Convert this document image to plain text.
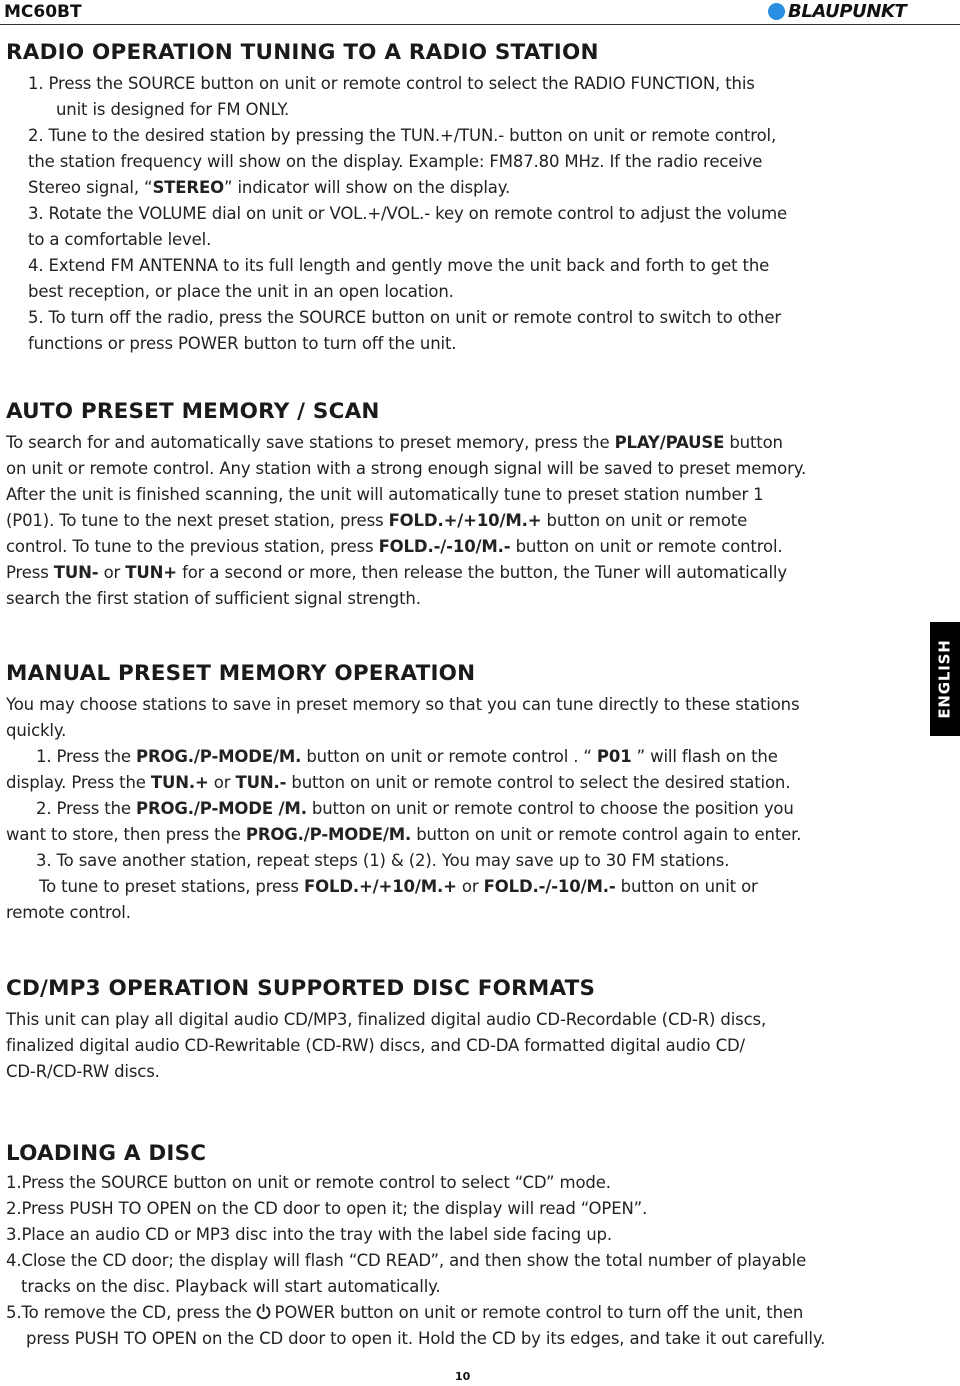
MC60BT	BLAUPUNKT
RADIO OPERATION TUNING TO A RADIO STATION
1. Press the SOURCE button on unit or remote control to select the RADIO FUNCTION, this
unit is designed for FM ONLY.
2. Tune to the desired station by pressing the TUN.+/TUN.- button on unit or remote control,
the station frequency will show on the display. Example: FM87.80 MHz. If the radio receive
Stereo signal, “STEREO” indicator will show on the display.
3. Rotate the VOLUME dial on unit or VOL.+/VOL.- key on remote control to adjust the volume
to a comfortable level.
4. Extend FM ANTENNA to its full length and gently move the unit back and forth to get the
best reception, or place the unit in an open location.
5. To turn off the radio, press the SOURCE button on unit or remote control to switch to other
functions or press POWER button to turn off the unit.
AUTO PRESET MEMORY / SCAN
To search for and automatically save stations to preset memory, press the PLAY/PAUSE button
on unit or remote control. Any station with a strong enough signal will be saved to preset memory.
After the unit is finished scanning, the unit will automatically tune to preset station number 1
(P01). To tune to the next preset station, press FOLD.+/+10/M.+ button on unit or remote
control. To tune to the previous station, press FOLD.-/-10/M.- button on unit or remote control.
Press TUN- or TUN+ for a second or more, then release the button, the Tuner will automatically
search the first station of sufficient signal strength.
MANUAL PRESET MEMORY OPERATION
You may choose stations to save in preset memory so that you can tune directly to these stations
quickly.
1. Press the PROG./P-MODE/M. button on unit or remote control . “ P01 ” will flash on the
display. Press the TUN.+ or TUN.- button on unit or remote control to select the desired station.
2. Press the PROG./P-MODE /M. button on unit or remote control to choose the position you
want to store, then press the PROG./P-MODE/M. button on unit or remote control again to enter.
3. To save another station, repeat steps (1) & (2). You may save up to 30 FM stations.
To tune to preset stations, press FOLD.+/+10/M.+ or FOLD.-/-10/M.- button on unit or
remote control.
CD/MP3 OPERATION SUPPORTED DISC FORMATS
This unit can play all digital audio CD/MP3, finalized digital audio CD-Recordable (CD-R) discs,
finalized digital audio CD-Rewritable (CD-RW) discs, and CD-DA formatted digital audio CD/
CD-R/CD-RW discs.
LOADING A DISC
1.Press the SOURCE button on unit or remote control to select “CD” mode.
2.Press PUSH TO OPEN on the CD door to open it; the display will read “OPEN”.
3.Place an audio CD or MP3 disc into the tray with the label side facing up.
4.Close the CD door; the display will flash “CD READ”, and then show the total number of playable
tracks on the disc. Playback will start automatically.
5.To remove the CD, press the POWER button on unit or remote control to turn off the unit, then
press PUSH TO OPEN on the CD door to open it. Hold the CD by its edges, and take it out carefully.
ENGLISH
10
